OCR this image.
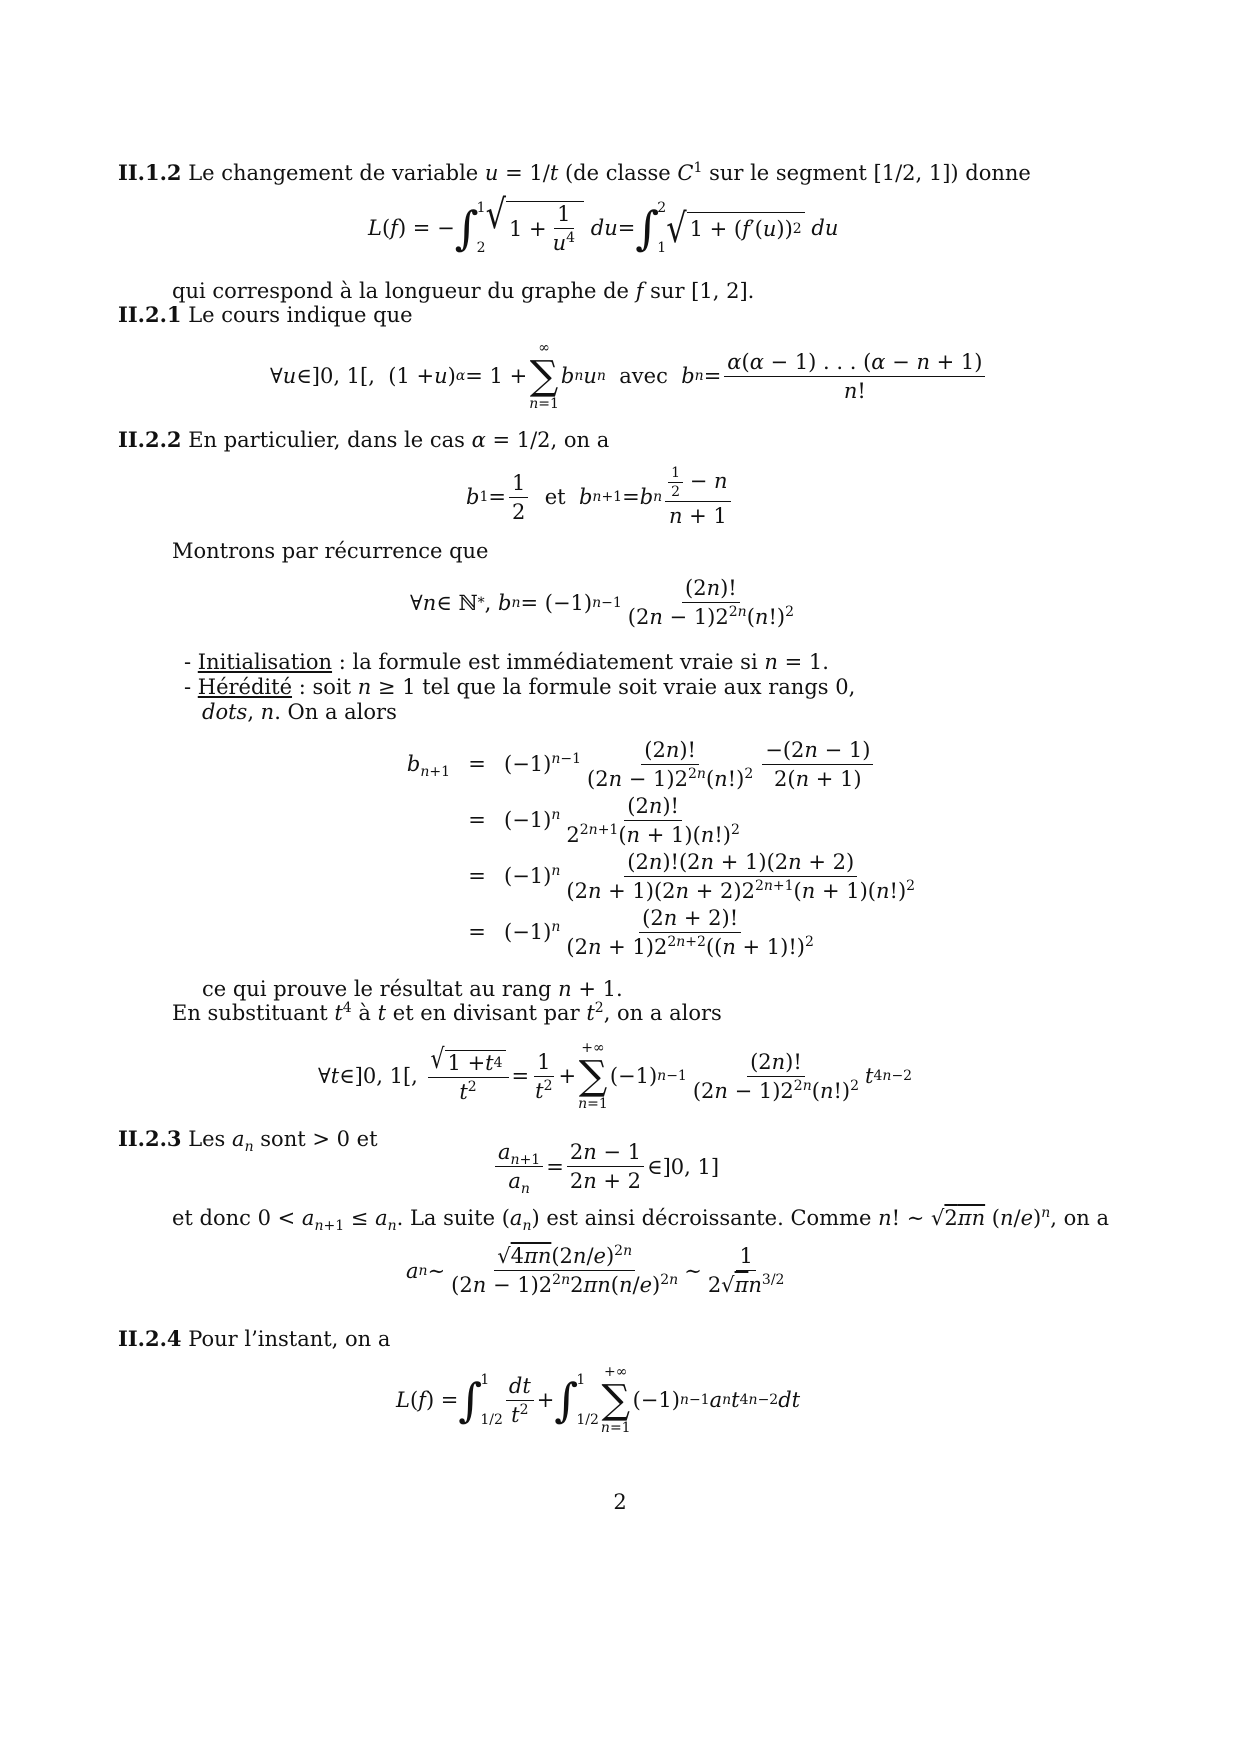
II.1.2 Le changement de variable u = 1/t (de classe $C^1$ sur le segment [1/2, 1]) donne
L ( f ) = − ∫
1
2
√ $1 + \frac{1}{u^4}$
du = ∫
2
1 √ 1 + ( f ′( u )) 2
du
qui correspond à la longueur du graphe de f sur [1, 2].
II.2.1 Le cours indique que
∀ u ∈]0, 1[,  (1 + u ) α = 1 +
∞
∑
n=1
b n u n
avec
b $n = \frac{\alpha(\alpha - 1) . . . (\alpha - n + 1)}{n!}$
II.2.2 En particulier, dans le cas α = 1/2, on a
b $1 = \frac{1}{2}$
et
b n+1 = b n $\frac{\frac{1}{2} - n}{n + 1}$
Montrons par récurrence que
∀ n ∈ ℕ * , b n = (−1) $n-1 \frac{(2n)!}{(2n - 1)2^{2n}(n!)^2}$
- Initialisation : la formule est immédiatement vraie si n = 1.
- Hérédité : soit n ≥ 1 tel que la formule soit vraie aux rangs 0,
dots, n. On a alors
$b_{n+1} = (-1)^{n-1} \frac{(2n)!}{(2n - 1)2^{2n}(n!)^2} \frac{-(2n - 1)}{2(n + 1)}$
= $(-1)^n \frac{(2n)!}{2^{2n+1}(n + 1)(n!)^2}$
= $(-1)^n \frac{(2n)!(2n + 1)(2n + 2)}{(2n + 1)(2n + 2)2^{2n+1}(n + 1)(n!)^2}$
= $(-1)^n \frac{(2n + 2)!}{(2n + 1)2^{2n+2}((n + 1)!)^2}$
ce qui prouve le résultat au rang n + 1.
En substituant $t^4$ à t et en divisant par $t^2$, on a alors
∀ t ∈]0, 1[, $\frac{√ 1 + t 4}{t^2} = \frac{1}{t^2}$ +
+∞
∑
n=1
(−1) $n-1 \frac{(2n)!}{(2n - 1)2^{2n}(n!)^2}$ t 4n−2
II.2.3 Les $a_n$ sont > 0 et
$\frac{a_{n+1}}{a_n} = \frac{2n - 1}{2n + 2}$ ∈]0, 1]
et donc $0 < a_{n+1} \le a_n$. La suite $(a_n)$ est ainsi décroissante. Comme n! ∼ √2πn $(n/e)^n$, on a
a n ∼ $\frac{√4\pi n(2n/e)^{2n}}{(2n - 1)2^{2n}2\pi n(n/e)^{2n}}$ ∼ $\frac{1}{2√\pi n^{3/2}}$
II.2.4 Pour l’instant, on a
L ( f ) = ∫
1
$1/2 \frac{dt}{t^2}$ + ∫
1
1/2
+∞
∑
n=1
(−1) n−1 a n t 4n−2 dt
2
